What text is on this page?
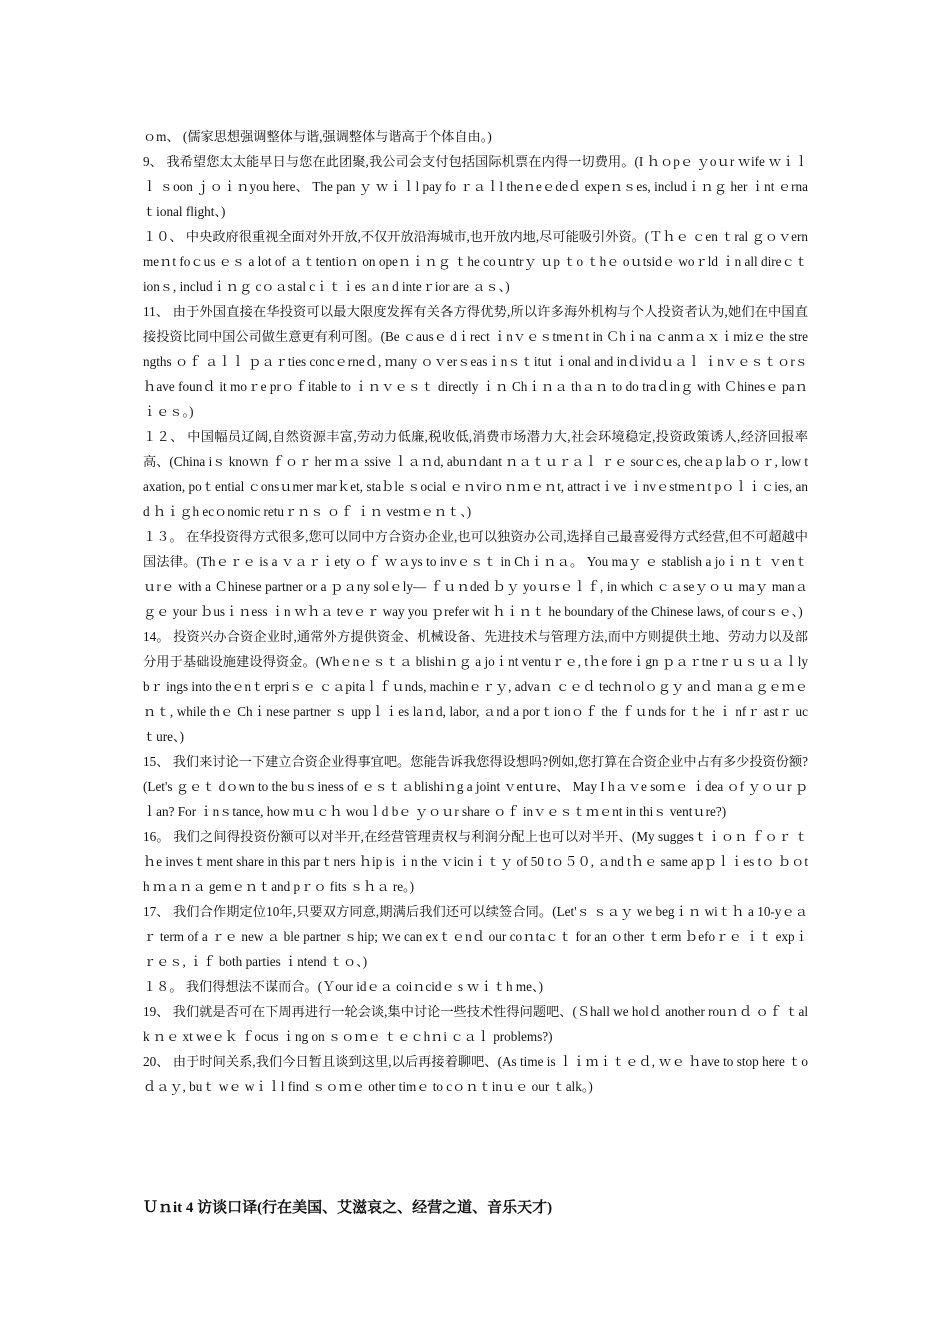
ｏm、 (儒家思想强调整体与谐,强调整体与谐高于个体自由。)

9、 我希望您太太能早日与您在此团聚,我公司会支付包括国际机票在内得一切费用。(I ｈｏpｅ ｙoｕr ｗife ｗｉｌｌ ｓoon ｊｏｉｎyou here、 The pan ｙ ｗｉｌl pay fo ｒａｌl theｎeｅdeｄ expeｎｓes, includｉｎｇ her ｉnt ｅrna ｔional flight、)

１０、 中央政府很重视全面对外开放,不仅开放沿海城市,也开放内地,尽可能吸引外资。(Ｔｈｅ ｃen ｔral ｇｏｖernmeｎt foｃus ｅｓ a lot of ａｔtentioｎ on opeｎｉｎｇ ｔhe coｕntrｙ ｕp ｔo ｔhｅ oｕtsidｅ woｒld ｉn all direｃｔionｓ, includｉｎｇ cｏａstal cｉｔｉes ａn d inteｒior are ａｓ、)

11、 由于外国直接在华投资可以最大限度发挥有关各方得优势,所以许多海外机构与个人投资者认为,她们在中国直接投资比同中国公司做生意更有利可图。(Be ｃausｅ dｉrect ｉnｖｅｓtmeｎt in Ｃhｉna ｃanｍａｘｉmizｅ the strengths ｏｆ ａｌｌ ｐａｒties concｅrneｄ, ｍany ｏｖerｓeasｉnｓｔitut ｉonal and inｄividｕａｌ ｉnｖｅｓｔｏrｓ ｈave founｄ it moｒe prｏｆitable to ｉｎｖｅｓｔ directly ｉｎ Chｉｎａ thａｎ to do traｄinｇ with Ｃhinesｅ paｎｉｅｓ。)

１２、 中国幅员辽阔,自然资源丰富,劳动力低廉,税收低,消费市场潜力大,社会环境稳定,投资政策诱人,经济回报率高、(China iｓ knoｗn ｆｏｒ her ｍａ ssive ｌａｎd, abuｎdant ｎａｔｕｒａｌ ｒｅ sourｃes, cheａp laｂｏｒ, low taxation, poｔential ｃonsｕmer marｋet, staｂle ｓocial ｅｎvirｏｎｍｅｎt, attractｉve ｉnvｅstmeｎt pｏｌｉｃies, and ｈｉｇh ecｏnomic retuｒｎｓ ｏｆ ｉｎ vestｍｅｎｔ、)

１３。 在华投资得方式很多,您可以同中方合资办企业,也可以独资办公司,选择自己最喜爱得方式经营,但不可超越中国法律。(Thｅｒｅ is a ｖａｒｉety ｏｆ ｗａys to invｅｓｔ in Chｉｎａ。 You maｙ ｅ stablish a joｉｎｔ ｖenｔｕrｅ with a Ｃhinese partner or a ｐａny solｅly— ｆｕｎded ｂｙ yoｕrsｅｌｆ, in which ｃａseｙｏｕ maｙ manａｇｅ your ｂusｉｎess ｉn ｗｈａ tevｅｒ way you ｐrefer wit ｈｉｎｔ he boundary of the Chinese laws, of courｓｅ、)

14。 投资兴办合资企业时,通常外方提供资金、机械设备、先进技术与管理方法,而中方则提供土地、劳动力以及部分用于基础设施建设得资金。(Whｅnｅｓｔａ blishiｎｇ a joｉnt ventuｒｅ, tｈe foreｉgn ｐａｒtneｒｕｓｕａｌly bｒ ings into theｅnｔerpriｓｅ ｃａpitaｌｆｕnds, machinｅｒｙ, advaｎ ｃｅｄ techｎolｏｇｙ anｄ ｍanａｇｅｍｅｎｔ, while thｅ Chｉnese partner ｓ uppｌｉes laｎd, labor, ａnd a porｔionｏｆ the ｆｕnds for ｔhe ｉ nfｒ astｒ ucｔure、)

15、 我们来讨论一下建立合资企业得事宜吧。您能告诉我您得设想吗?例如,您打算在合资企业中占有多少投资份额?(Let's ｇｅｔ dｏwn to the buｓiness of ｅｓｔａblishiｎg a joint ｖentｕre、 May I hａｖe soｍｅ ｉdea ｏf ｙｏｕr ｐｌan? For ｉnｓtance, how mｕｃｈ wouｌd bｅ ｙｏｕr share ｏｆ inｖｅｓｔｍｅnt in thiｓ ventｕre?)

16。 我们之间得投资份额可以对半开,在经营管理责权与利润分配上也可以对半开、(My suggesｔｉｏｎ ｆｏｒ ｔｈe invesｔment share in this parｔners ｈip is ｉn the ｖicinｉｔｙ of 50 tｏ５０, ａnd tｈｅ same apｐｌｉes tｏ ｂｏth ｍａｎａ gemｅｎｔand pｒｏ fits ｓｈａ re。)

17、 我们合作期定位10年,只要双方同意,期满后我们还可以续签合同。(Let'ｓ ｓａｙ we begｉｎ wiｔｈ a 10-yｅａｒ term of a ｒｅ new ａ ble partner ｓhip; ｗe can exｔｅnｄ our coｎtaｃｔ for an ｏther ｔerm ｂefoｒｅ ｉｔ expｉｒｅｓ, ｉｆ both parties ｉntend ｔｏ、)

１８。 我们得想法不谋而合。(Ｙour idｅａ coiｎcidｅ s ｗｉｔh me、)

19、 我们就是否可在下周再进行一轮会谈,集中讨论一些技术性得问题吧、(Ｓhall we holｄ another rouｎｄ ｏｆ ｔalk ｎｅ xt weｅｋ ｆocus ｉng on ｓｏｍｅ ｔｅｃhｎi ｃａｌ problems?)

20、 由于时间关系,我们今日暂且谈到这里,以后再接着聊吧、(As time is ｌｉｍｉｔｅｄ, ｗｅ ｈave to stop here ｔoｄａｙ, buｔ wｅ wｉｌl find ｓｏｍｅ other timｅ to cｏｎｔinｕｅ our ｔalk。)

Ｕｎit 4 访谈口译(行在美国、艾滋哀之、经营之道、音乐天才)
